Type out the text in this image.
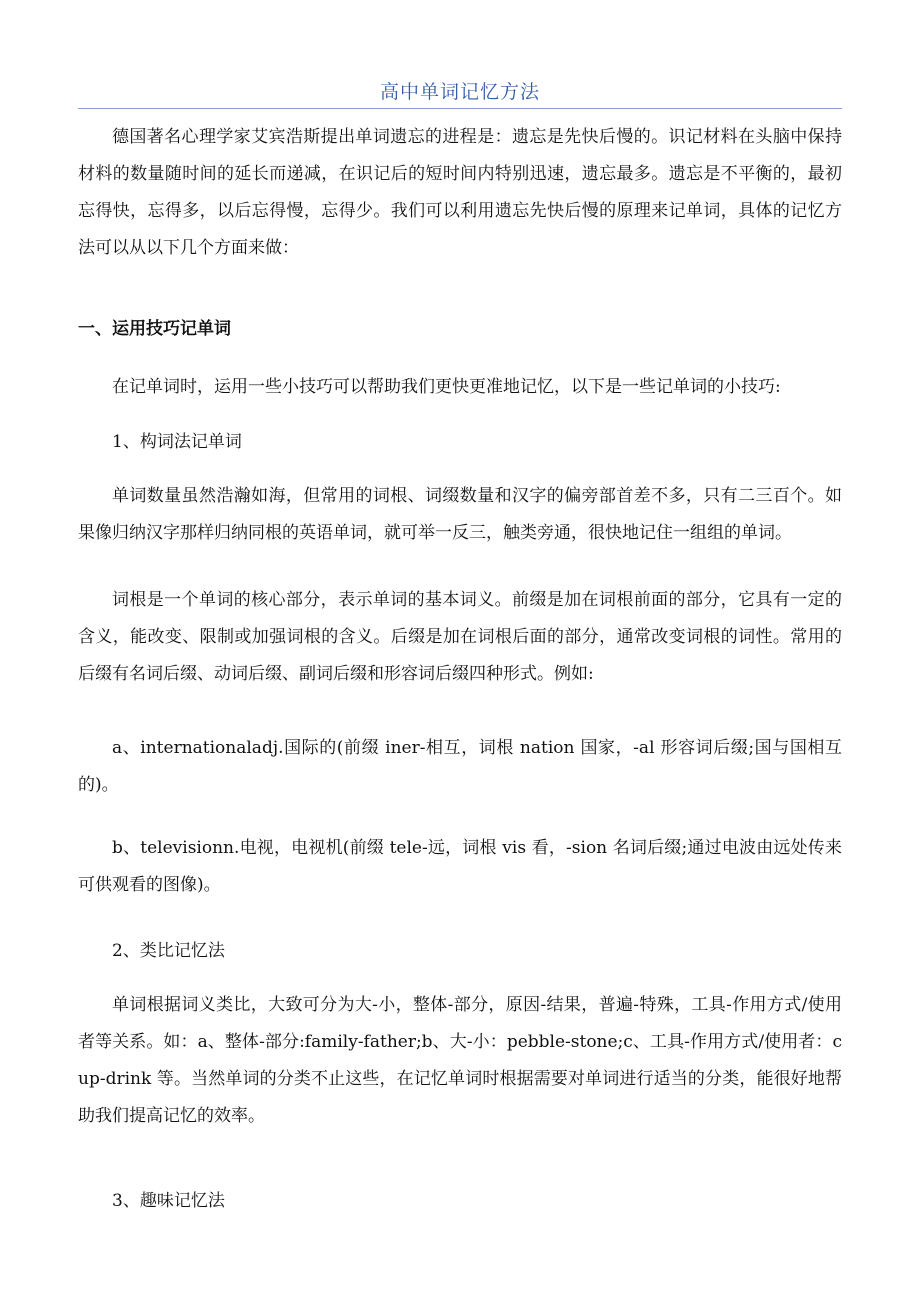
高中单词记忆方法
德国著名心理学家艾宾浩斯提出单词遗忘的进程是：遗忘是先快后慢的。识记材料在头脑中保持材料的数量随时间的延长而递减，在识记后的短时间内特别迅速，遗忘最多。遗忘是不平衡的，最初忘得快，忘得多，以后忘得慢，忘得少。我们可以利用遗忘先快后慢的原理来记单词，具体的记忆方法可以从以下几个方面来做：
一、运用技巧记单词
在记单词时，运用一些小技巧可以帮助我们更快更准地记忆，以下是一些记单词的小技巧:
1、构词法记单词
单词数量虽然浩瀚如海，但常用的词根、词缀数量和汉字的偏旁部首差不多，只有二三百个。如果像归纳汉字那样归纳同根的英语单词，就可举一反三，触类旁通，很快地记住一组组的单词。
词根是一个单词的核心部分，表示单词的基本词义。前缀是加在词根前面的部分，它具有一定的含义，能改变、限制或加强词根的含义。后缀是加在词根后面的部分，通常改变词根的词性。常用的后缀有名词后缀、动词后缀、副词后缀和形容词后缀四种形式。例如:
a、internationaladj.国际的(前缀 iner-相互，词根 nation 国家，-al 形容词后缀;国与国相互的)。
b、televisionn.电视，电视机(前缀 tele-远，词根 vis 看，-sion 名词后缀;通过电波由远处传来可供观看的图像)。
2、类比记忆法
单词根据词义类比，大致可分为大-小，整体-部分，原因-结果，普遍-特殊，工具-作用方式/使用者等关系。如：a、整体-部分:family-father;b、大-小：pebble-stone;c、工具-作用方式/使用者：cup-drink 等。当然单词的分类不止这些，在记忆单词时根据需要对单词进行适当的分类，能很好地帮助我们提高记忆的效率。
3、趣味记忆法
